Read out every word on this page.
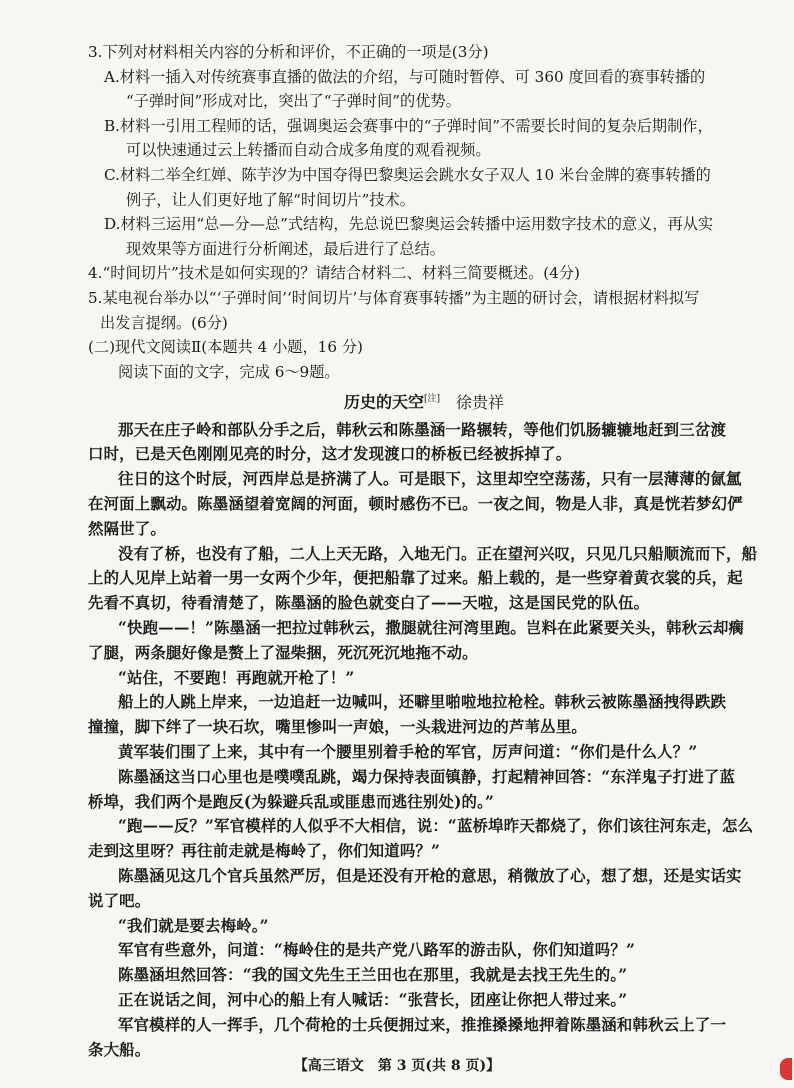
3.下列对材料相关内容的分析和评价，不正确的一项是(3分)
A.材料一插入对传统赛事直播的做法的介绍，与可随时暂停、可 360 度回看的赛事转播的
“子弹时间”形成对比，突出了“子弹时间”的优势。
B.材料一引用工程师的话，强调奥运会赛事中的“子弹时间”不需要长时间的复杂后期制作，
可以快速通过云上转播而自动合成多角度的观看视频。
C.材料二举全红婵、陈芋汐为中国夺得巴黎奥运会跳水女子双人 10 米台金牌的赛事转播的
例子，让人们更好地了解“时间切片”技术。
D.材料三运用“总—分—总”式结构，先总说巴黎奥运会转播中运用数字技术的意义，再从实
现效果等方面进行分析阐述，最后进行了总结。
4.“时间切片”技术是如何实现的？请结合材料二、材料三简要概述。(4分)
5.某电视台举办以“‘子弹时间’‘时间切片’与体育赛事转播”为主题的研讨会，请根据材料拟写
出发言提纲。(6分)
(二)现代文阅读Ⅱ(本题共 4 小题，16 分)
阅读下面的文字，完成 6～9题。
历史的天空[注] 徐贵祥
那天在庄子岭和部队分手之后，韩秋云和陈墨涵一路辗转，等他们饥肠辘辘地赶到三岔渡
口时，已是天色刚刚见亮的时分，这才发现渡口的桥板已经被拆掉了。
往日的这个时辰，河西岸总是挤满了人。可是眼下，这里却空空荡荡，只有一层薄薄的氤氲
在河面上飘动。陈墨涵望着宽阔的河面，顿时感伤不已。一夜之间，物是人非，真是恍若梦幻俨
然隔世了。
没有了桥，也没有了船，二人上天无路，入地无门。正在望河兴叹，只见几只船顺流而下，船
上的人见岸上站着一男一女两个少年，便把船靠了过来。船上载的，是一些穿着黄衣裳的兵，起
先看不真切，待看清楚了，陈墨涵的脸色就变白了——天啦，这是国民党的队伍。
“快跑——！”陈墨涵一把拉过韩秋云，撒腿就往河湾里跑。岂料在此紧要关头，韩秋云却瘸
了腿，两条腿好像是赘上了湿柴捆，死沉死沉地拖不动。
“站住，不要跑！再跑就开枪了！”
船上的人跳上岸来，一边追赶一边喊叫，还噼里啪啦地拉枪栓。韩秋云被陈墨涵拽得跌跌
撞撞，脚下绊了一块石坎，嘴里惨叫一声娘，一头栽进河边的芦苇丛里。
黄军装们围了上来，其中有一个腰里别着手枪的军官，厉声问道：“你们是什么人？”
陈墨涵这当口心里也是噗噗乱跳，竭力保持表面镇静，打起精神回答：“东洋鬼子打进了蓝
桥埠，我们两个是跑反(为躲避兵乱或匪患而逃往别处)的。”
“跑——反？”军官模样的人似乎不大相信，说：“蓝桥埠昨天都烧了，你们该往河东走，怎么
走到这里呀？再往前走就是梅岭了，你们知道吗？”
陈墨涵见这几个官兵虽然严厉，但是还没有开枪的意思，稍微放了心，想了想，还是实话实
说了吧。
“我们就是要去梅岭。”
军官有些意外，问道：“梅岭住的是共产党八路军的游击队，你们知道吗？”
陈墨涵坦然回答：“我的国文先生王兰田也在那里，我就是去找王先生的。”
正在说话之间，河中心的船上有人喊话：“张营长，团座让你把人带过来。”
军官模样的人一挥手，几个荷枪的士兵便拥过来，推推搡搡地押着陈墨涵和韩秋云上了一
条大船。
【高三语文　第 3 页(共 8 页)】
